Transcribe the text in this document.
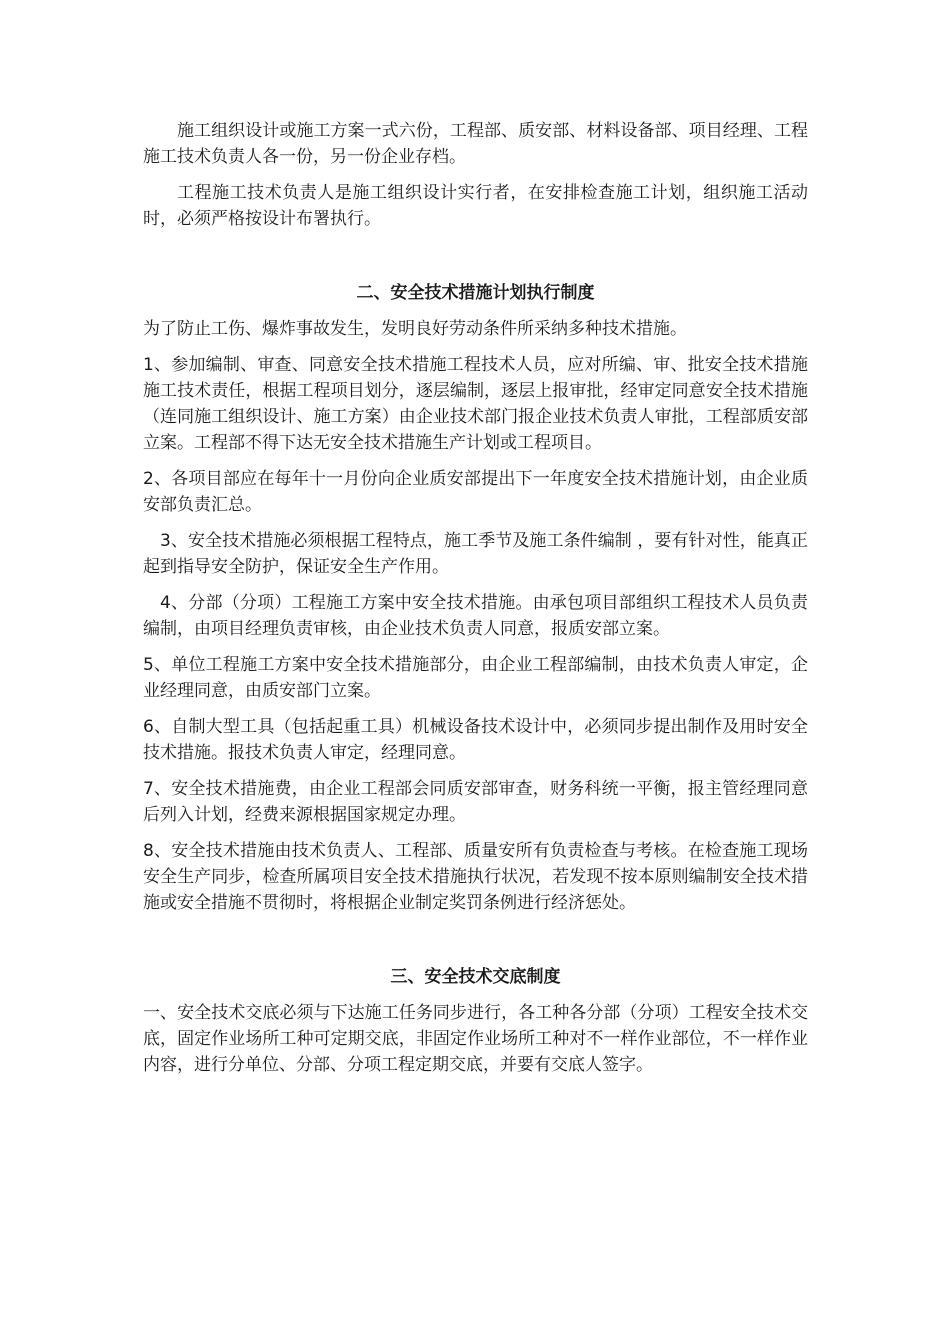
施工组织设计或施工方案一式六份，工程部、质安部、材料设备部、项目经理、工程施工技术负责人各一份，另一份企业存档。

工程施工技术负责人是施工组织设计实行者，在安排检查施工计划，组织施工活动时，必须严格按设计布署执行。

二、安全技术措施计划执行制度

为了防止工伤、爆炸事故发生，发明良好劳动条件所采纳多种技术措施。

1、参加编制、审查、同意安全技术措施工程技术人员，应对所编、审、批安全技术措施施工技术责任，根据工程项目划分，逐层编制，逐层上报审批，经审定同意安全技术措施（连同施工组织设计、施工方案）由企业技术部门报企业技术负责人审批，工程部质安部立案。工程部不得下达无安全技术措施生产计划或工程项目。

2、各项目部应在每年十一月份向企业质安部提出下一年度安全技术措施计划，由企业质安部负责汇总。

3、安全技术措施必须根据工程特点，施工季节及施工条件编制 ，要有针对性，能真正起到指导安全防护，保证安全生产作用。

4、分部（分项）工程施工方案中安全技术措施。由承包项目部组织工程技术人员负责编制，由项目经理负责审核，由企业技术负责人同意，报质安部立案。

5、单位工程施工方案中安全技术措施部分，由企业工程部编制，由技术负责人审定，企业经理同意，由质安部门立案。

6、自制大型工具（包括起重工具）机械设备技术设计中，必须同步提出制作及用时安全技术措施。报技术负责人审定，经理同意。

7、安全技术措施费，由企业工程部会同质安部审查，财务科统一平衡，报主管经理同意后列入计划，经费来源根据国家规定办理。

8、安全技术措施由技术负责人、工程部、质量安所有负责检查与考核。在检查施工现场安全生产同步，检查所属项目安全技术措施执行状况，若发现不按本原则编制安全技术措施或安全措施不贯彻时，将根据企业制定奖罚条例进行经济惩处。

三、安全技术交底制度

一、安全技术交底必须与下达施工任务同步进行，各工种各分部（分项）工程安全技术交底，固定作业场所工种可定期交底，非固定作业场所工种对不一样作业部位，不一样作业内容，进行分单位、分部、分项工程定期交底，并要有交底人签字。
